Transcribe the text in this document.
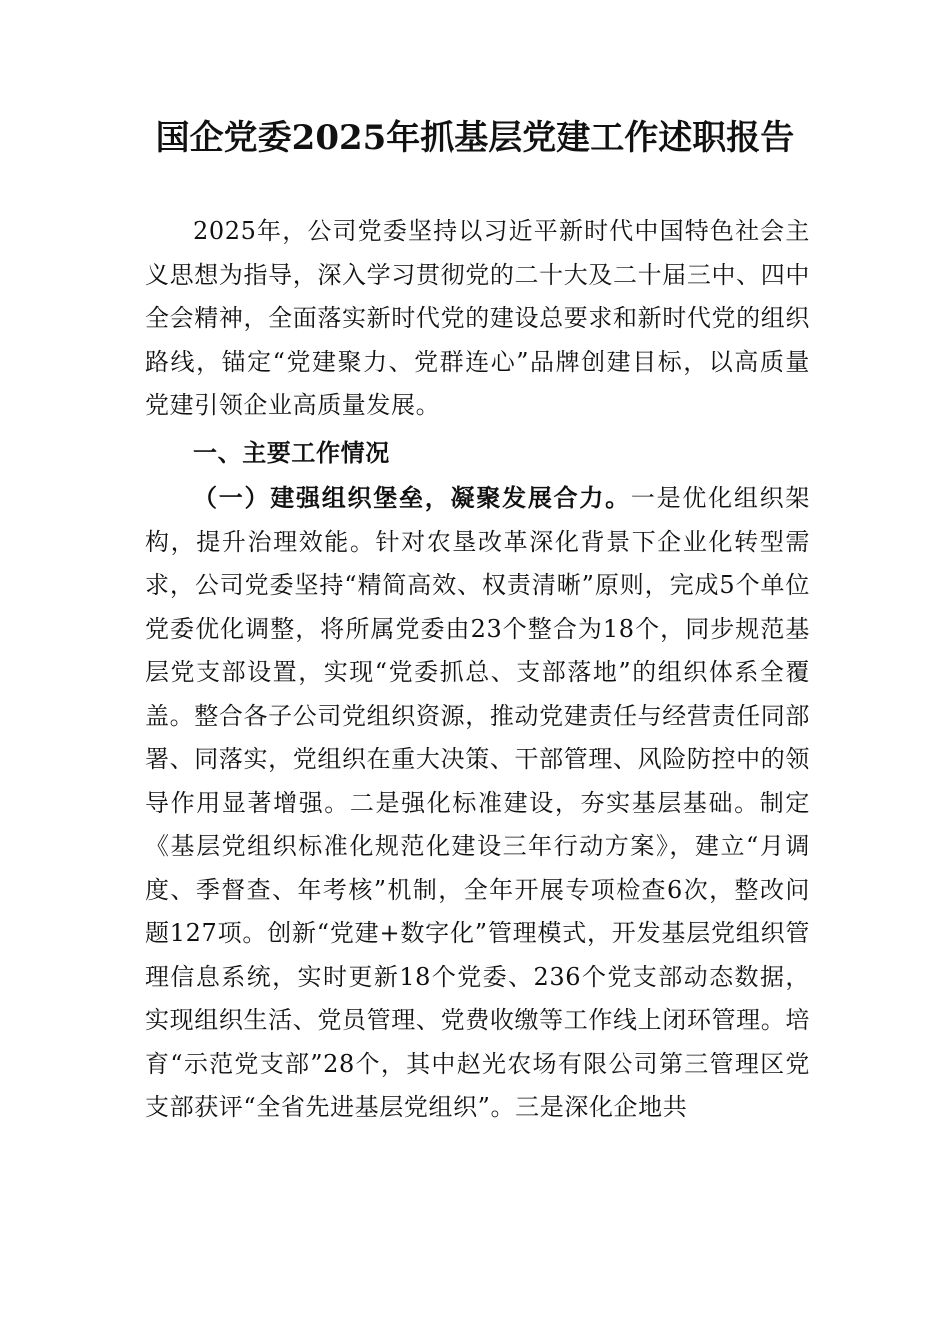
国企党委2025年抓基层党建工作述职报告
2025年，公司党委坚持以习近平新时代中国特色社会主义思想为指导，深入学习贯彻党的二十大及二十届三中、四中全会精神，全面落实新时代党的建设总要求和新时代党的组织路线，锚定“党建聚力、党群连心”品牌创建目标，以高质量党建引领企业高质量发展。
一、主要工作情况
（一）建强组织堡垒，凝聚发展合力。一是优化组织架构，提升治理效能。针对农垦改革深化背景下企业化转型需求，公司党委坚持“精简高效、权责清晰”原则，完成5个单位党委优化调整，将所属党委由23个整合为18个，同步规范基层党支部设置，实现“党委抓总、支部落地”的组织体系全覆盖。整合各子公司党组织资源，推动党建责任与经营责任同部署、同落实，党组织在重大决策、干部管理、风险防控中的领导作用显著增强。二是强化标准建设，夯实基层基础。制定《基层党组织标准化规范化建设三年行动方案》，建立“月调度、季督查、年考核”机制，全年开展专项检查6次，整改问题127项。创新“党建+数字化”管理模式，开发基层党组织管理信息系统，实时更新18个党委、236个党支部动态数据，实现组织生活、党员管理、党费收缴等工作线上闭环管理。培育“示范党支部”28个，其中赵光农场有限公司第三管理区党支部获评“全省先进基层党组织”。三是深化企地共
